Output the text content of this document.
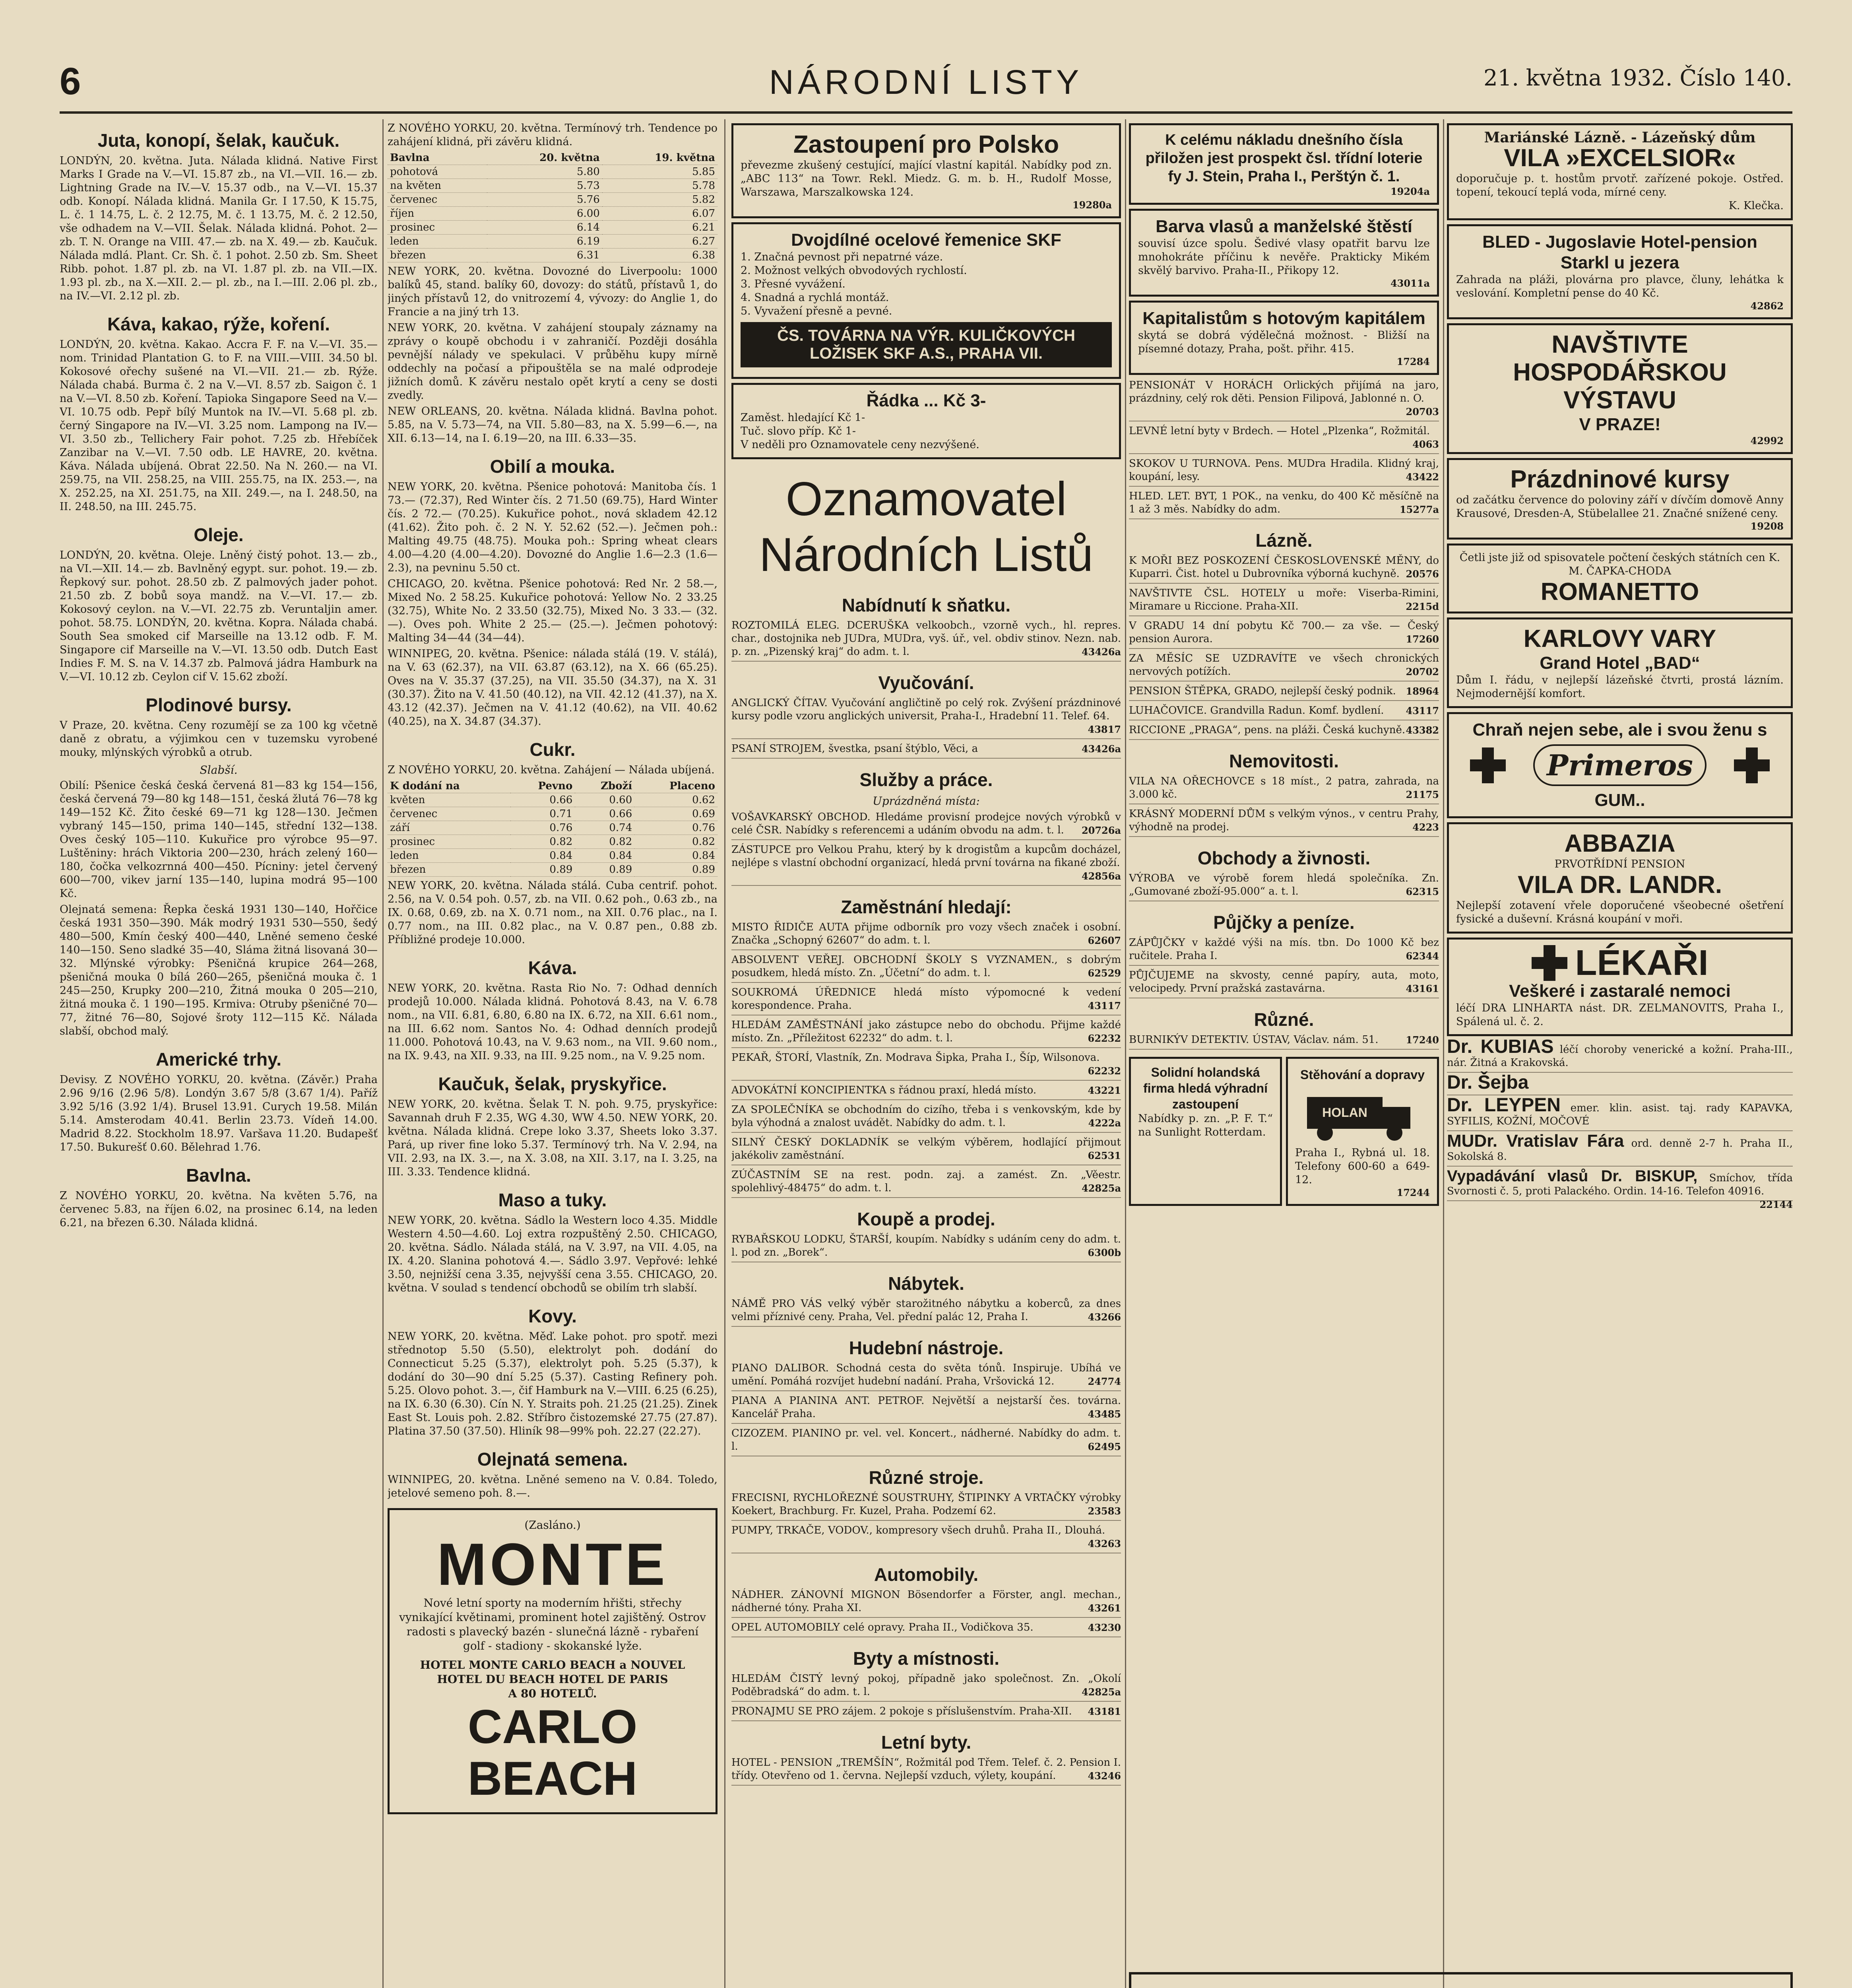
6	NÁRODNÍ LISTY	21. května 1932. Číslo 140.
Juta, konopí, šelak, kaučuk.
LONDÝN, 20. května. Juta. Nálada klidná. Native First Marks I Grade na V.—VI. 15.87 zb., na VI.—VII. 16.— zb. Lightning Grade na IV.—V. 15.37 odb., na V.—VI. 15.37 odb. Konopí. Nálada klidná. Manila Gr. I 17.50, K 15.75, L. č. 1 14.75, L. č. 2 12.75, M. č. 1 13.75, M. č. 2 12.50, vše odhadem na V.—VII. Šelak. Nálada klidná. Pohot. 2— zb. T. N. Orange na VIII. 47.— zb. na X. 49.— zb. Kaučuk. Nálada mdlá. Plant. Cr. Sh. č. 1 pohot. 2.50 zb. Sm. Sheet Ribb. pohot. 1.87 pl. zb. na VI. 1.87 pl. zb. na VII.—IX. 1.93 pl. zb., na X.—XII. 2.— pl. zb., na I.—III. 2.06 pl. zb., na IV.—VI. 2.12 pl. zb.
Káva, kakao, rýže, koření.
LONDÝN, 20. května. Kakao. Accra F. F. na V.—VI. 35.— nom. Trinidad Plantation G. to F. na VIII.—VIII. 34.50 bl. Kokosové ořechy sušené na VI.—VII. 21.— zb. Rýže. Nálada chabá. Burma č. 2 na V.—VI. 8.57 zb. Saigon č. 1 na V.—VI. 8.50 zb. Koření. Tapioka Singapore Seed na V.—VI. 10.75 odb. Pepř bílý Muntok na IV.—VI. 5.68 pl. zb. černý Singapore na IV.—VI. 3.25 nom. Lampong na IV.—VI. 3.50 zb., Tellichery Fair pohot. 7.25 zb. Hřebíček Zanzibar na V.—VI. 7.50 odb. LE HAVRE, 20. května. Káva. Nálada ubíjená. Obrat 22.50. Na N. 260.— na VI. 259.75, na VII. 258.25, na VIII. 255.75, na IX. 253.—, na X. 252.25, na XI. 251.75, na XII. 249.—, na I. 248.50, na II. 248.50, na III. 245.75.
Oleje.
LONDÝN, 20. května. Oleje. Lněný čistý pohot. 13.— zb., na VI.—XII. 14.— zb. Bavlněný egypt. sur. pohot. 19.— zb. Řepkový sur. pohot. 28.50 zb. Z palmových jader pohot. 21.50 zb. Z bobů soya mandž. na V.—VI. 17.— zb. Kokosový ceylon. na V.—VI. 22.75 zb. Veruntaljin amer. pohot. 58.75. LONDÝN, 20. května. Kopra. Nálada chabá. South Sea smoked cif Marseille na 13.12 odb. F. M. Singapore cif Marseille na V.—VI. 13.50 odb. Dutch East Indies F. M. S. na V. 14.37 zb. Palmová jádra Hamburk na V.—VI. 10.12 zb. Ceylon cif V. 15.62 zboží.
Plodinové bursy.
V Praze, 20. května. Ceny rozumějí se za 100 kg včetně daně z obratu, a výjimkou cen v tuzemsku vyrobené mouky, mlýnských výrobků a otrub.
Slabší.
Obilí: Pšenice česká česká červená 81—83 kg 154—156, česká červená 79—80 kg 148—151, česká žlutá 76—78 kg 149—152 Kč. Žito české 69—71 kg 128—130. Ječmen vybraný 145—150, prima 140—145, střední 132—138. Oves český 105—110. Kukuřice pro výrobce 95—97. Luštěniny: hrách Viktoria 200—230, hrách zelený 160—180, čočka velkozrnná 400—450. Pícniny: jetel červený 600—700, vikev jarní 135—140, lupina modrá 95—100 Kč.
Olejnatá semena: Řepka česká 1931 130—140, Hořčice česká 1931 350—390. Mák modrý 1931 530—550, šedý 480—500, Kmín český 400—440, Lněné semeno české 140—150. Seno sladké 35—40, Sláma žitná lisovaná 30—32. Mlýnské výrobky: Pšeničná krupice 264—268, pšeničná mouka 0 bílá 260—265, pšeničná mouka č. 1 245—250, Krupky 200—210, Žitná mouka 0 205—210, žitná mouka č. 1 190—195. Krmiva: Otruby pšeničné 70—77, žitné 76—80, Sojové šroty 112—115 Kč. Nálada slabší, obchod malý.
Americké trhy.
Devisy. Z NOVÉHO YORKU, 20. května. (Závěr.) Praha 2.96 9/16 (2.96 5/8). Londýn 3.67 5/8 (3.67 1/4). Paříž 3.92 5/16 (3.92 1/4). Brusel 13.91. Curych 19.58. Milán 5.14. Amsterodam 40.41. Berlin 23.73. Vídeň 14.00. Madrid 8.22. Stockholm 18.97. Varšava 11.20. Budapešť 17.50. Bukurešť 0.60. Bělehrad 1.76.
Bavlna.
Z NOVÉHO YORKU, 20. května. Na květen 5.76, na červenec 5.83, na říjen 6.02, na prosinec 6.14, na leden 6.21, na březen 6.30. Nálada klidná.
Z NOVÉHO YORKU, 20. května. Termínový trh. Tendence po zahájení klidná, při závěru klidná.
Bavlna	20. května	19. května
pohotová	5.80	5.85
na květen	5.73	5.78
červenec	5.76	5.82
říjen	6.00	6.07
prosinec	6.14	6.21
leden	6.19	6.27
březen	6.31	6.38
NEW YORK, 20. května. Dovozné do Liverpoolu: 1000 balíků 45, stand. balíky 60, dovozy: do států, přístavů 1, do jiných přístavů 12, do vnitrozemí 4, vývozy: do Anglie 1, do Francie a na jiný trh 13.
NEW YORK, 20. května. V zahájení stoupaly záznamy na zprávy o koupě obchodu i v zahraničí. Později dosáhla pevnější nálady ve spekulaci. V průběhu kupy mírně oddechly na počasí a připouštěla se na malé odprodeje jižních domů. K závěru nestalo opět krytí a ceny se dosti zvedly.
NEW ORLEANS, 20. května. Nálada klidná. Bavlna pohot. 5.85, na V. 5.73—74, na VII. 5.80—83, na X. 5.99—6.—, na XII. 6.13—14, na I. 6.19—20, na III. 6.33—35.
Obilí a mouka.
NEW YORK, 20. května. Pšenice pohotová: Manitoba čís. 1 73.— (72.37), Red Winter čís. 2 71.50 (69.75), Hard Winter čís. 2 72.— (70.25). Kukuřice pohot., nová skladem 42.12 (41.62). Žito poh. č. 2 N. Y. 52.62 (52.—). Ječmen poh.: Malting 49.75 (48.75). Mouka poh.: Spring wheat clears 4.00—4.20 (4.00—4.20). Dovozné do Anglie 1.6—2.3 (1.6—2.3), na pevninu 5.50 ct.
CHICAGO, 20. května. Pšenice pohotová: Red Nr. 2 58.—, Mixed No. 2 58.25. Kukuřice pohotová: Yellow No. 2 33.25 (32.75), White No. 2 33.50 (32.75), Mixed No. 3 33.— (32.—). Oves poh. White 2 25.— (25.—). Ječmen pohotový: Malting 34—44 (34—44).
WINNIPEG, 20. května. Pšenice: nálada stálá (19. V. stálá), na V. 63 (62.37), na VII. 63.87 (63.12), na X. 66 (65.25). Oves na V. 35.37 (37.25), na VII. 35.50 (34.37), na X. 31 (30.37). Žito na V. 41.50 (40.12), na VII. 42.12 (41.37), na X. 43.12 (42.37). Ječmen na V. 41.12 (40.62), na VII. 40.62 (40.25), na X. 34.87 (34.37).
Cukr.
Z NOVÉHO YORKU, 20. května. Zahájení — Nálada ubíjená.
K dodání na	Pevno	Zboží	Placeno
květen	0.66	0.60	0.62
červenec	0.71	0.66	0.69
září	0.76	0.74	0.76
prosinec	0.82	0.82	0.82
leden	0.84	0.84	0.84
březen	0.89	0.89	0.89
NEW YORK, 20. května. Nálada stálá. Cuba centrif. pohot. 2.56, na V. 0.54 poh. 0.57, zb. na VII. 0.62 poh., 0.63 zb., na IX. 0.68, 0.69, zb. na X. 0.71 nom., na XII. 0.76 plac., na I. 0.77 nom., na III. 0.82 plac., na V. 0.87 pen., 0.88 zb. Příbližné prodeje 10.000.
Káva.
NEW YORK, 20. května. Rasta Rio No. 7: Odhad denních prodejů 10.000. Nálada klidná. Pohotová 8.43, na V. 6.78 nom., na VII. 6.81, 6.80, 6.80 na IX. 6.72, na XII. 6.61 nom., na III. 6.62 nom. Santos No. 4: Odhad denních prodejů 11.000. Pohotová 10.43, na V. 9.63 nom., na VII. 9.60 nom., na IX. 9.43, na XII. 9.33, na III. 9.25 nom., na V. 9.25 nom.
Kaučuk, šelak, pryskyřice.
NEW YORK, 20. května. Šelak T. N. poh. 9.75, pryskyřice: Savannah druh F 2.35, WG 4.30, WW 4.50. NEW YORK, 20. května. Nálada klidná. Crepe loko 3.37, Sheets loko 3.37. Pará, up river fine loko 5.37. Termínový trh. Na V. 2.94, na VII. 2.93, na IX. 3.—, na X. 3.08, na XII. 3.17, na I. 3.25, na III. 3.33. Tendence klidná.
Maso a tuky.
NEW YORK, 20. května. Sádlo la Western loco 4.35. Middle Western 4.50—4.60. Loj extra rozpuštěný 2.50. CHICAGO, 20. května. Sádlo. Nálada stálá, na V. 3.97, na VII. 4.05, na IX. 4.20. Slanina pohotová 4.—. Sádlo 3.97. Vepřové: lehké 3.50, nejnižší cena 3.35, nejvyšší cena 3.55. CHICAGO, 20. května. V soulad s tendencí obchodů se obilím trh slabší.
Kovy.
NEW YORK, 20. května. Měď. Lake pohot. pro spotř. mezi střednotop 5.50 (5.50), elektrolyt poh. dodání do Connecticut 5.25 (5.37), elektrolyt poh. 5.25 (5.37), k dodání do 30—90 dní 5.25 (5.37). Casting Refinery poh. 5.25. Olovo pohot. 3.—, čif Hamburk na V.—VIII. 6.25 (6.25), na IX. 6.30 (6.30). Cín N. Y. Straits poh. 21.25 (21.25). Zinek East St. Louis poh. 2.82. Stříbro čistozemské 27.75 (27.87). Platina 37.50 (37.50). Hliník 98—99% poh. 22.27 (22.27).
Olejnatá semena.
WINNIPEG, 20. května. Lněné semeno na V. 0.84. Toledo, jetelové semeno poh. 8.—.
(Zasláno.)
MONTE
Nové letní sporty na moderním hřišti, střechy vynikající květinami, prominent hotel zajištěný. Ostrov radosti s plavecký bazén - slunečná lázně - rybaření golf - stadiony - skokanské lyže.
HOTEL MONTE CARLO BEACH a NOUVEL HOTEL DU BEACH HOTEL DE PARIS
A 80 HOTELŮ.
CARLO BEACH
Zastoupení pro Polsko
převezme zkušený cestující, mající vlastní kapitál. Nabídky pod zn. „ABC 113“ na Towr. Rekl. Miedz. G. m. b. H., Rudolf Mosse, Warszawa, Marszalkowska 124.
19280a
Dvojdílné ocelové řemenice SKF
1. Značná pevnost při nepatrné váze.
2. Možnost velkých obvodových rychlostí.
3. Přesné vyvážení.
4. Snadná a rychlá montáž.
5. Vyvažení přesně a pevné.
ČS. TOVÁRNA NA VÝR. KULIČKOVÝCH LOŽISEK SKF A.S., PRAHA VII.
Řádka ... Kč 3-
Zaměst. hledající Kč 1-
Tuč. slovo příp. Kč 1-
V neděli pro Oznamovatele ceny nezvýšené.
Oznamovatel
Národních Listů
Nabídnutí k sňatku.
ROZTOMILÁ ELEG. DCERUŠKA velkoobch., vzorně vych., hl. repres. char., dostojnika neb JUDra, MUDra, vyš. úř., vel. obdiv stinov. Nezn. nab. p. zn. „Pizenský kraj“ do adm. t. l.	43426a
Vyučování.
ANGLICKÝ ČÍTAV. Vyučování angličtině po celý rok. Zvýšení prázdninové kursy podle vzoru anglických universit, Praha-I., Hradební 11. Telef. 64.
43817
PSANÍ STROJEM, švestka, psaní štýblo, Věci, a	43426a
Služby a práce.
Uprázdněná místa:
VOŠAVKARSKÝ OBCHOD. Hledáme provisní prodejce nových výrobků v celé ČSR. Nabídky s referencemi a udáním obvodu na adm. t. l. 20726a
ZÁSTUPCE pro Velkou Prahu, který by k drogistům a kupcům docházel, nejlépe s vlastní obchodní organizací, hledá první továrna na fikané zboží.
42856a
Zaměstnání hledají:
MISTO ŘIDIČE AUTA přijme odborník pro vozy všech značek i osobní. Značka „Schopný 62607“ do adm. t. l.	62607
ABSOLVENT VEŘEJ. OBCHODNÍ ŠKOLY S VYZNAMEN., s dobrým posudkem, hledá místo. Zn. „Účetní“ do adm. t. l.	62529
SOUKROMÁ ÚŘEDNICE hledá místo výpomocné k vedení korespondence. Praha.	43117
HLEDÁM ZAMĚSTNÁNÍ jako zástupce nebo do obchodu. Přijme každé místo. Zn. „Příležitost 62232“ do adm. t. l.	62232
PEKAŘ, ŠTORÍ, Vlastník, Zn. Modrava Šipka, Praha I., Šíp, Wilsonova.
62232
ADVOKÁTNÍ KONCIPIENTKA s řádnou praxí, hledá místo.	43221
ZA SPOLEČNÍKA se obchodním do cizího, třeba i s venkovským, kde by byla výhodná a znalost uvádět. Nabídky do adm. t. l.	4222a
SILNÝ ČESKÝ DOKLADNÍK se velkým výběrem, hodlající přijmout jakékoliv zaměstnání.	62531
ZÚČASTNÍM SE na rest. podn. zaj. a zamést. Zn. „Věestr. spolehlivý-48475“ do adm. t. l.	42825a
Koupě a prodej.
RYBAŘSKOU LODKU, ŠTARŠÍ, koupím. Nabídky s udáním ceny do adm. t. l. pod zn. „Borek“.	6300b
Nábytek.
NÁMĚ PRO VÁS velký výběr starožitného nábytku a koberců, za dnes velmi příznivé ceny. Praha, Vel. přední palác 12, Praha I.	43266
Hudební nástroje.
PIANO DALIBOR. Schodná cesta do světa tónů. Inspiruje. Ubíhá ve umění. Pomáhá rozvíjet hudební nadání. Praha, Vršovická 12.	24774
PIANA A PIANINA ANT. PETROF. Největší a nejstarší čes. továrna. Kancelář Praha.	43485
CIZOZEM. PIANINO pr. vel. vel. Koncert., nádherné. Nabídky do adm. t. l.	62495
Různé stroje.
FRECISNI, RYCHLOŘEZNÉ SOUSTRUHY, ŠTIPINKY A VRTAČKY výrobky Koekert, Brachburg. Fr. Kuzel, Praha. Podzemí 62.	23583
PUMPY, TRKAČE, VODOV., kompresory všech druhů. Praha II., Dlouhá.
43263
Automobily.
NÁDHER. ZÁNOVNÍ MIGNON Bösendorfer a Förster, angl. mechan., nádherné tóny. Praha XI.	43261
OPEL AUTOMOBILY celé opravy. Praha II., Vodičkova 35.	43230
Byty a místnosti.
HLEDÁM ČISTÝ levný pokoj, případně jako společnost. Zn. „Okolí Poděbradská“ do adm. t. l.	42825a
PRONAJMU SE PRO zájem. 2 pokoje s příslušenstvím. Praha-XII. 43181
Letní byty.
HOTEL - PENSION „TREMŠÍN“, Rožmitál pod Třem. Telef. č. 2. Pension I. třídy. Otevřeno od 1. června. Nejlepší vzduch, výlety, koupání.	43246
K celému nákladu dnešního čísla přiložen jest prospekt čsl. třídní loterie fy J. Stein, Praha I., Perštýn č. 1.
19204a
Barva vlasů a manželské štěstí
souvisí úzce spolu. Šedivé vlasy opatřit barvu lze mnohokráte příčinu k nevěře. Prakticky Mikém skvělý barvivo. Praha-II., Přikopy 12.
43011a
Kapitalistům s hotovým kapitálem
skytá se dobrá výdělečná možnost. - Bližší na písemné dotazy, Praha, pošt. přihr. 415.
17284
PENSIONÁT V HORÁCH Orlických přijímá na jaro, prázdniny, celý rok děti. Pension Filipová, Jablonné n. O.
20703
LEVNÉ letní byty v Brdech. — Hotel „Plzenka“, Rožmitál.
4063
SKOKOV U TURNOVA. Pens. MUDra Hradila. Klidný kraj, koupání, lesy.	43422
HLED. LET. BYT, 1 POK., na venku, do 400 Kč měsíčně na 1 až 3 měs. Nabídky do adm.	15277a
Lázně.
K MOŘI BEZ POSKOZENÍ ČESKOSLOVENSKÉ MĚNY, do Kuparri. Čist. hotel u Dubrovníka výborná kuchyně. 20576
NAVŠTIVTE ČSL. HOTELY u moře: Viserba-Rimini, Miramare u Riccione. Praha-XII.	2215d
V GRADU 14 dní pobytu Kč 700.— za vše. — Český pension Aurora.	17260
ZA MĚSÍC SE UZDRAVÍTE ve všech chronických nervových potížích.	20702
PENSION ŠTĚPKA, GRADO, nejlepší český podnik. 18964
LUHAČOVICE. Grandvilla Radun. Komf. bydlení. 43117
RICCIONE „PRAGA“, pens. na pláži. Česká kuchyně. 43382
Nemovitosti.
VILA NA OŘECHOVCE s 18 míst., 2 patra, zahrada, na 3.000 kč.	21175
KRÁSNÝ MODERNÍ DŮM s velkým výnos., v centru Prahy, výhodně na prodej.	4223
Obchody a živnosti.
VÝROBA ve výrobě forem hledá společníka. Zn. „Gumované zboží-95.000“ a. t. l.	62315
Půjčky a peníze.
ZÁPŮJČKY v každé výši na mís. tbn. Do 1000 Kč bez ručitele. Praha I.	62344
PŮJČUJEME na skvosty, cenné papíry, auta, moto, velocipedy. První pražská zastavárna.	43161
Různé.
BURNIKÝV DETEKTIV. ÚSTAV, Václav. nám. 51.	17240
Solidní holandská firma hledá výhradní zastoupení
Nabídky p. zn. „P. F. T.“ na Sunlight Rotterdam.
Stěhování a dopravy
HOLAN
Praha I., Rybná ul. 18. Telefony 600-60 a 649-12.
17244
Mariánské Lázně. - Lázeňský dům
VILA »EXCELSIOR«
doporučuje p. t. hostům prvotř. zařízené pokoje. Ostřed. topení, tekoucí teplá voda, mírné ceny.
K. Klečka.
BLED - Jugoslavie Hotel-pension Starkl u jezera
Zahrada na pláži, plovárna pro plavce, čluny, lehátka k veslování. Kompletní pense do 40 Kč.
42862
NAVŠTIVTE
HOSPODÁŘSKOU VÝSTAVU
V PRAZE!
42992
Prázdninové kursy
od začátku července do poloviny září v dívčím domově Anny Krausové, Dresden-A, Stübelallee 21. Značné snížené ceny.
19208
Četli jste již od spisovatele počtení českých státních cen K. M. ČAPKA-CHODA
ROMANETTO
KARLOVY VARY
Grand Hotel „BAD“
Dům I. řádu, v nejlepší lázeňské čtvrti, prostá lázním. Nejmodernější komfort.
Chraň nejen sebe, ale i svou ženu s
Primeros
GUM..
ABBAZIA
PRVOTŘÍDNÍ PENSION
VILA DR. LANDR.
Nejlepší zotavení vřele doporučené všeobecné ošetření fysické a duševní. Krásná koupání v moři.
LÉKAŘI
Veškeré i zastaralé nemoci
léčí DRA LINHARTA nást. DR. ZELMANOVITS, Praha I., Spálená ul. č. 2.
Dr. KUBIAS léčí choroby venerické a kožní. Praha-III., nár. Žitná a Krakovská.
Dr. Šejba
Dr. LEYPEN emer. klin. asist. taj. rady KAPAVKA, SYFILIS, KOŽNÍ, MOČOVÉ
MUDr. Vratislav Fára ord. denně 2-7 h. Praha II., Sokolská 8.
Vypadávání vlasů Dr. BISKUP, Smíchov, třída Svornosti č. 5, proti Palackého. Ordin. 14-16. Telefon 40916.
22144
